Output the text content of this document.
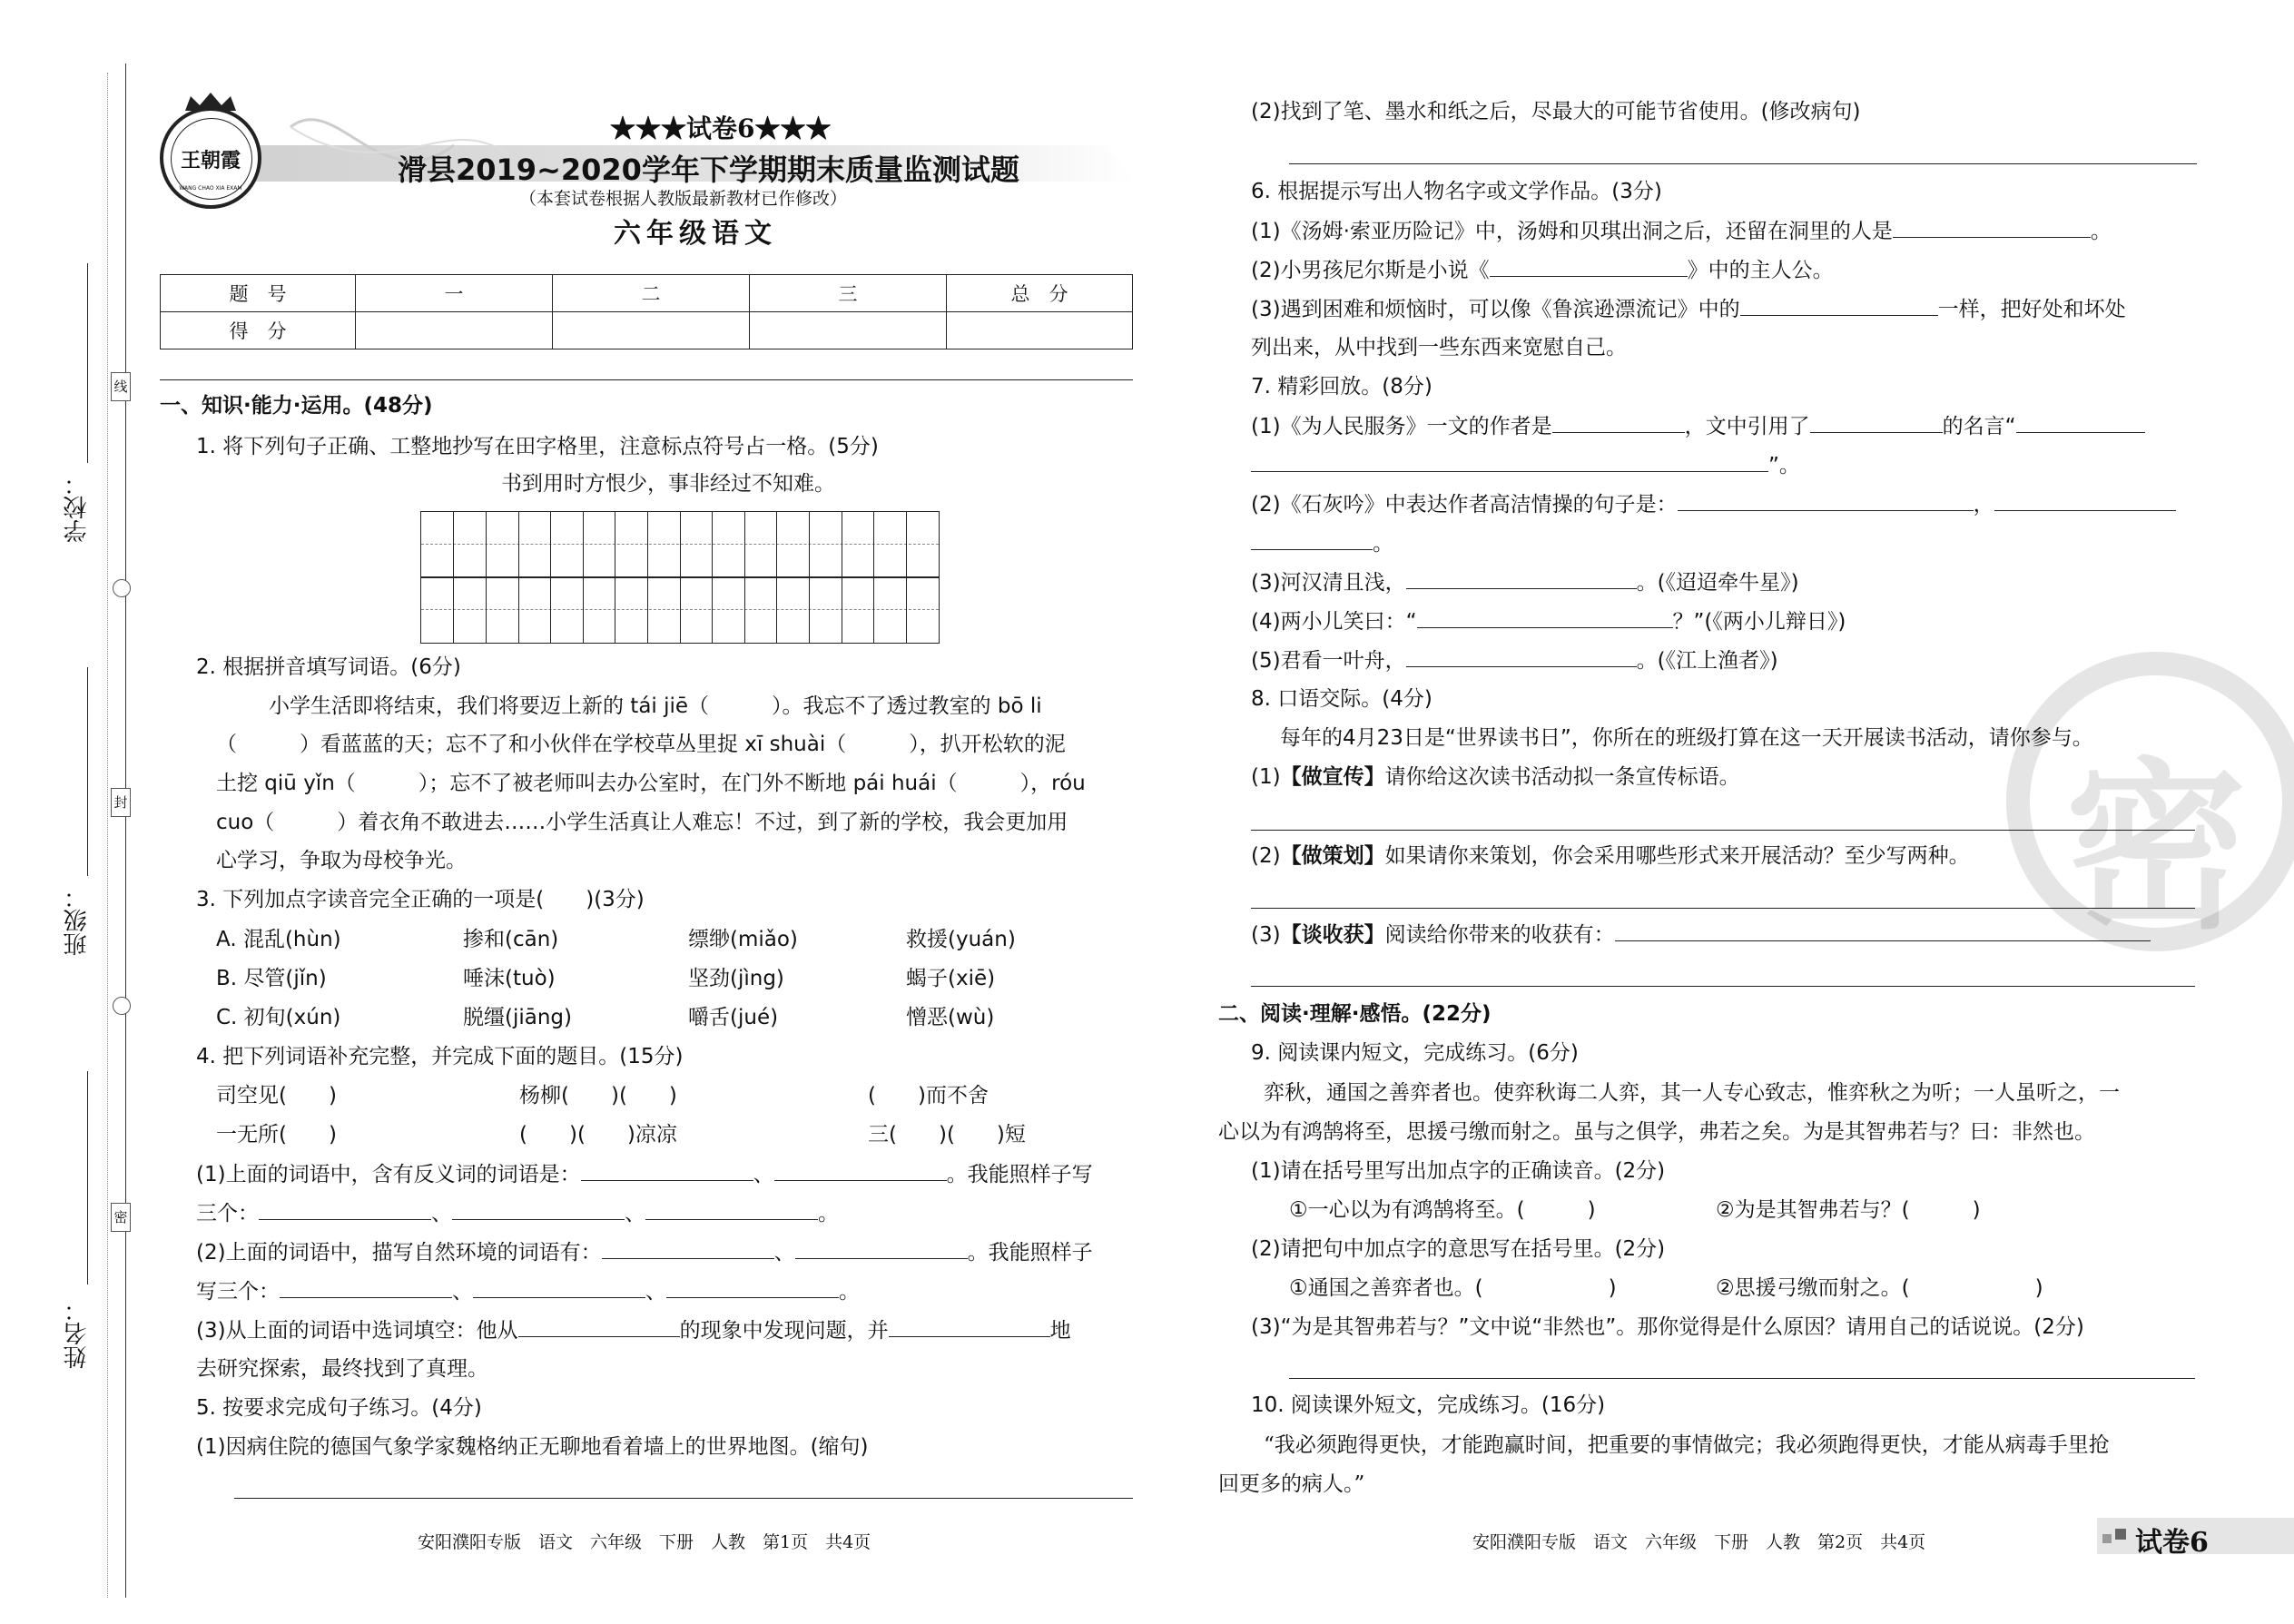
学校：
班级：
姓名：
线
封
密
王朝霞
WANG CHAO XIA EXAM
★★★试卷6★★★
滑县2019~2020学年下学期期末质量监测试题
（本套试卷根据人教版最新教材已作修改）
六年级语文
题　号	一	二	三	总　分
得　分				
一、知识·能力·运用。(48分)
1. 将下列句子正确、工整地抄写在田字格里，注意标点符号占一格。(5分)
书到用时方恨少，事非经过不知难。
2. 根据拼音填写词语。(6分)
小学生活即将结束，我们将要迈上新的 tái jiē（　　　）。我忘不了透过教室的 bō li
（　　　）看蓝蓝的天；忘不了和小伙伴在学校草丛里捉 xī shuài（　　　），扒开松软的泥
土挖 qiū yǐn（　　　）；忘不了被老师叫去办公室时，在门外不断地 pái huái（　　　），róu
cuo（　　　）着衣角不敢进去……小学生活真让人难忘！不过，到了新的学校，我会更加用
心学习，争取为母校争光。
3. 下列加点字读音完全正确的一项是(　　)(3分)
A. 混乱(hùn)	掺和(cān)	缥缈(miǎo)	救援(yuán)
B. 尽管(jǐn)	唾沫(tuò)	坚劲(jìng)	蝎子(xiē)
C. 初旬(xún)	脱缰(jiāng)	嚼舌(jué)	憎恶(wù)
4. 把下列词语补充完整，并完成下面的题目。(15分)
司空见(　　)	杨柳(　　)(　　)	(　　)而不舍
一无所(　　)	(　　)(　　)凉凉	三(　　)(　　)短
(1)上面的词语中，含有反义词的词语是：	、	。我能照样子写
三个：	、	、	。
(2)上面的词语中，描写自然环境的词语有：	、	。我能照样子
写三个：	、	、	。
(3)从上面的词语中选词填空：他从	的现象中发现问题，并	地
去研究探索，最终找到了真理。
5. 按要求完成句子练习。(4分)
(1)因病住院的德国气象学家魏格纳正无聊地看着墙上的世界地图。(缩句)
安阳濮阳专版　语文　六年级　下册　人教　第1页　共4页
(2)找到了笔、墨水和纸之后，尽最大的可能节省使用。(修改病句)
6. 根据提示写出人物名字或文学作品。(3分)
(1)《汤姆·索亚历险记》中，汤姆和贝琪出洞之后，还留在洞里的人是	。
(2)小男孩尼尔斯是小说《	》中的主人公。
(3)遇到困难和烦恼时，可以像《鲁滨逊漂流记》中的	一样，把好处和坏处
列出来，从中找到一些东西来宽慰自己。
7. 精彩回放。(8分)
(1)《为人民服务》一文的作者是	，文中引用了	的名言“
”。
(2)《石灰吟》中表达作者高洁情操的句子是：	，
。
(3)河汉清且浅，	。(《迢迢牵牛星》)
(4)两小儿笑曰：“	？”(《两小儿辩日》)
(5)君看一叶舟，	。(《江上渔者》)
8. 口语交际。(4分)
每年的4月23日是“世界读书日”，你所在的班级打算在这一天开展读书活动，请你参与。
(1)【做宣传】请你给这次读书活动拟一条宣传标语。
(2)【做策划】如果请你来策划，你会采用哪些形式来开展活动？至少写两种。
(3)【谈收获】阅读给你带来的收获有：
二、阅读·理解·感悟。(22分)
9. 阅读课内短文，完成练习。(6分)
弈秋，通国之善弈者也。使弈秋诲二人弈，其一人专心致志，惟弈秋之为听；一人虽听之，一
心以为有鸿鹄将至，思援弓缴而射之。虽与之俱学，弗若之矣。为是其智弗若与？曰：非然也。
(1)请在括号里写出加点字的正确读音。(2分)
①一心以为有鸿鹄将至。(　　　)	②为是其智弗若与？(　　　)
(2)请把句中加点字的意思写在括号里。(2分)
①通国之善弈者也。(　　　　　　)	②思援弓缴而射之。(　　　　　　)
(3)“为是其智弗若与？”文中说“非然也”。那你觉得是什么原因？请用自己的话说说。(2分)
10. 阅读课外短文，完成练习。(16分)
“我必须跑得更快，才能跑赢时间，把重要的事情做完；我必须跑得更快，才能从病毒手里抢
回更多的病人。”
安阳濮阳专版　语文　六年级　下册　人教　第2页　共4页	试卷6
密
